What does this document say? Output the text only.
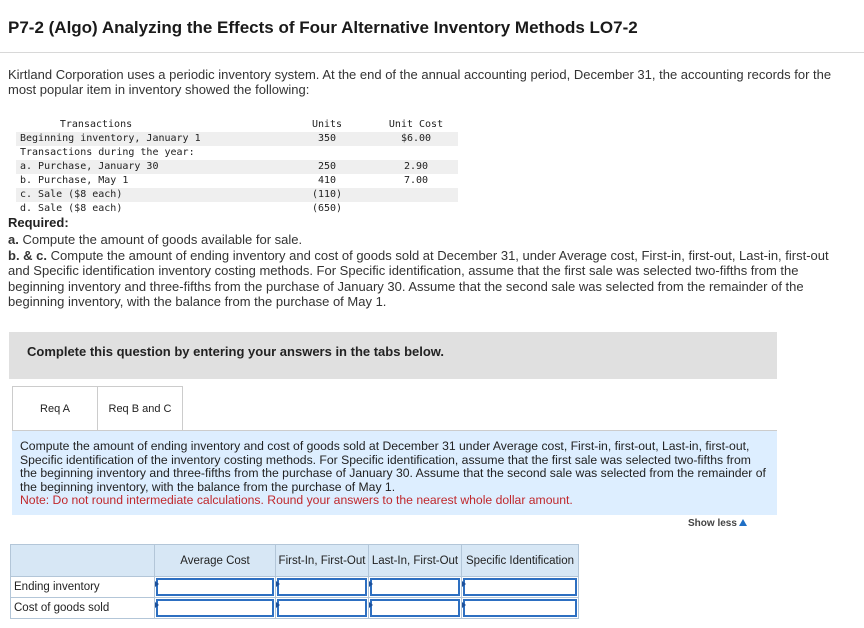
P7-2 (Algo) Analyzing the Effects of Four Alternative Inventory Methods LO7-2
Kirtland Corporation uses a periodic inventory system. At the end of the annual accounting period, December 31, the accounting records for the most popular item in inventory showed the following:
Transactions	Units	Unit Cost
Beginning inventory, January 1	350	$6.00
Transactions during the year:
a. Purchase, January 30	250	2.90
b. Purchase, May 1	410	7.00
c. Sale ($8 each)	(110)
d. Sale ($8 each)	(650)
Required:
a. Compute the amount of goods available for sale.
b. & c. Compute the amount of ending inventory and cost of goods sold at December 31, under Average cost, First-in, first-out, Last-in, first-out and Specific identification inventory costing methods. For Specific identification, assume that the first sale was selected two-fifths from the beginning inventory and three-fifths from the purchase of January 30. Assume that the second sale was selected from the remainder of the beginning inventory, with the balance from the purchase of May 1.
Complete this question by entering your answers in the tabs below.
Req A	Req B and C
Compute the amount of ending inventory and cost of goods sold at December 31 under Average cost, First-in, first-out, Last-in, first-out, Specific identification of the inventory costing methods. For Specific identification, assume that the first sale was selected two-fifths from the beginning inventory and three-fifths from the purchase of January 30. Assume that the second sale was selected from the remainder of the beginning inventory, with the balance from the purchase of May 1.
Note: Do not round intermediate calculations. Round your answers to the nearest whole dollar amount.
Show less
	Average Cost	First-In, First-Out	Last-In, First-Out	Specific Identification
Ending inventory	

Cost of goods sold	
